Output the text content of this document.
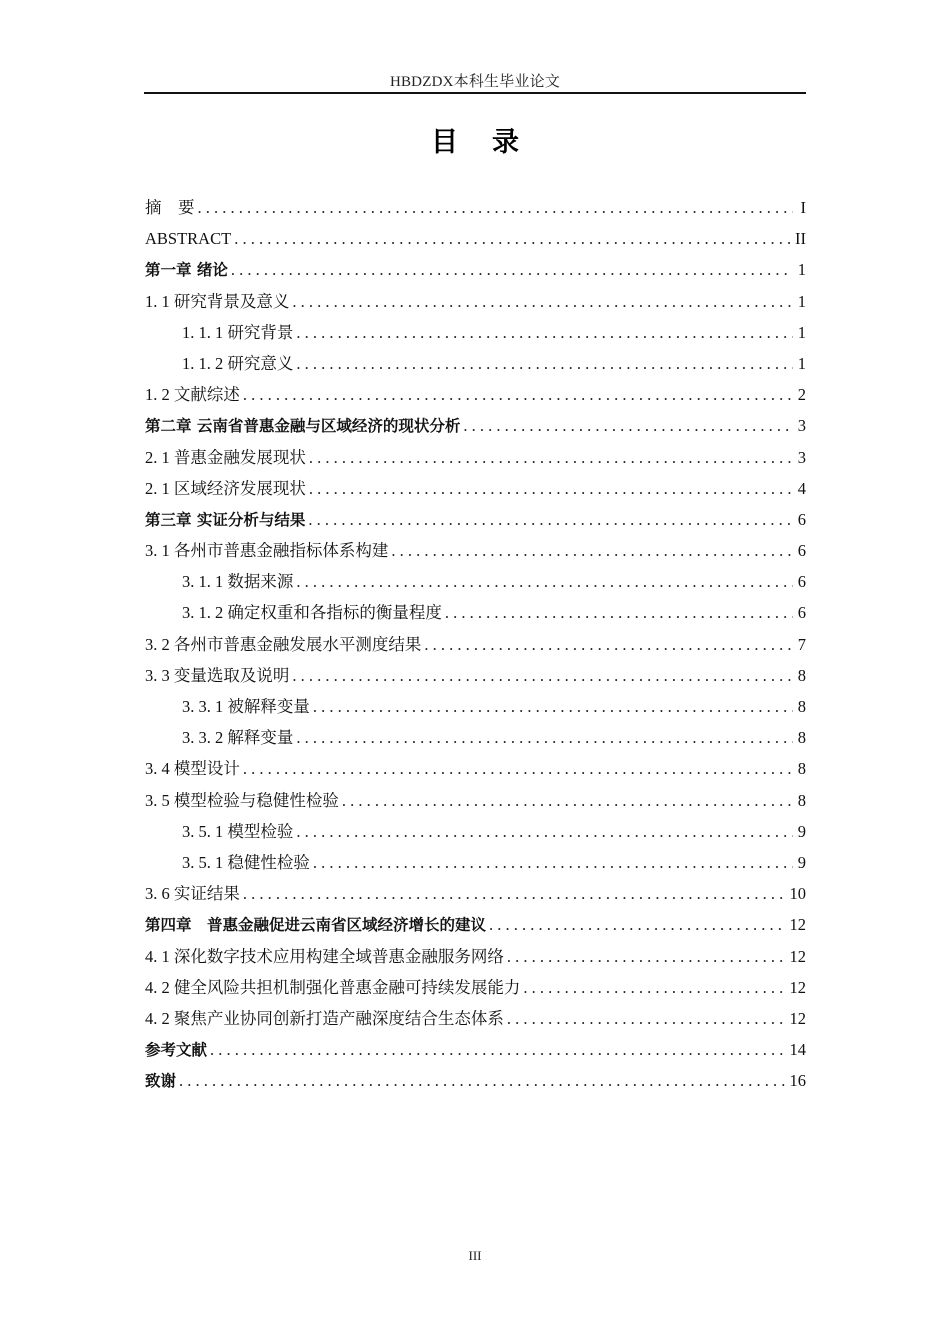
HBDZDX本科生毕业论文
目录
摘　要 . . .	I
ABSTRACT . . .	II
第一章 绪论 . . .	1
1. 1 研究背景及意义 . . .	1
1. 1. 1 研究背景 . . .	1
1. 1. 2 研究意义 . . .	1
1. 2 文献综述 . . .	2
第二章 云南省普惠金融与区域经济的现状分析 . . .	3
2. 1 普惠金融发展现状 . . .	3
2. 1 区域经济发展现状 . . .	4
第三章 实证分析与结果 . . .	6
3. 1 各州市普惠金融指标体系构建 . . .	6
3. 1. 1 数据来源 . . .	6
3. 1. 2 确定权重和各指标的衡量程度 . . .	6
3. 2 各州市普惠金融发展水平测度结果 . . .	7
3. 3 变量选取及说明 . . .	8
3. 3. 1 被解释变量 . . .	8
3. 3. 2 解释变量 . . .	8
3. 4 模型设计 . . .	8
3. 5 模型检验与稳健性检验 . . .	8
3. 5. 1 模型检验 . . .	9
3. 5. 1 稳健性检验 . . .	9
3. 6 实证结果 . . .	10
第四章　普惠金融促进云南省区域经济增长的建议 . . .	12
4. 1 深化数字技术应用构建全域普惠金融服务网络 . . .	12
4. 2 健全风险共担机制强化普惠金融可持续发展能力 . . .	12
4. 2 聚焦产业协同创新打造产融深度结合生态体系 . . .	12
参考文献 . . .	14
致谢 . . .	16
III
